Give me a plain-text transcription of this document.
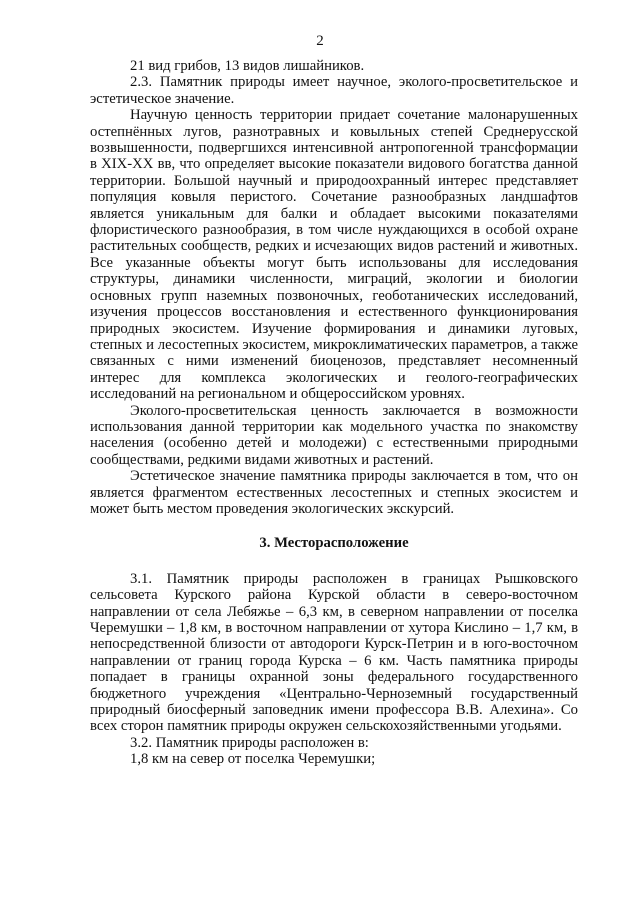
2

21 вид грибов, 13 видов лишайников.

2.3. Памятник природы имеет научное, эколого-просветительское и эстетическое значение.

Научную ценность территории придает сочетание малонарушенных остепнённых лугов, разнотравных и ковыльных степей Среднерусской возвышенности, подвергшихся интенсивной антропогенной трансформации в XIX-XX вв, что определяет высокие показатели видового богатства данной территории. Большой научный и природоохранный интерес представляет популяция ковыля перистого. Сочетание разнообразных ландшафтов является уникальным для балки и обладает высокими показателями флористического разнообразия, в том числе нуждающихся в особой охране растительных сообществ, редких и исчезающих видов растений и животных. Все указанные объекты могут быть использованы для исследования структуры, динамики численности, миграций, экологии и биологии основных групп наземных позвоночных, геоботанических исследований, изучения процессов восстановления и естественного функционирования природных экосистем. Изучение формирования и динамики луговых, степных и лесостепных экосистем, микроклиматических параметров, а также связанных с ними изменений биоценозов, представляет несомненный интерес для комплекса экологических и геолого-географических исследований на региональном и общероссийском уровнях.

Эколого-просветительская ценность заключается в возможности использования данной территории как модельного участка по знакомству населения (особенно детей и молодежи) с естественными природными сообществами, редкими видами животных и растений.

Эстетическое значение памятника природы заключается в том, что он является фрагментом естественных лесостепных и степных экосистем и может быть местом проведения экологических экскурсий.

3. Месторасположение

3.1. Памятник природы расположен в границах Рышковского сельсовета Курского района Курской области в северо-восточном направлении от села Лебяжье – 6,3 км, в северном направлении от поселка Черемушки – 1,8 км, в восточном направлении от хутора Кислино – 1,7 км, в непосредственной близости от автодороги Курск-Петрин и в юго-восточном направлении от границ города Курска – 6 км. Часть памятника природы попадает в границы охранной зоны федерального государственного бюджетного учреждения «Центрально-Черноземный государственный природный биосферный заповедник имени профессора В.В. Алехина». Со всех сторон памятник природы окружен сельскохозяйственными угодьями.

3.2. Памятник природы расположен в:

1,8 км на север от поселка Черемушки;
